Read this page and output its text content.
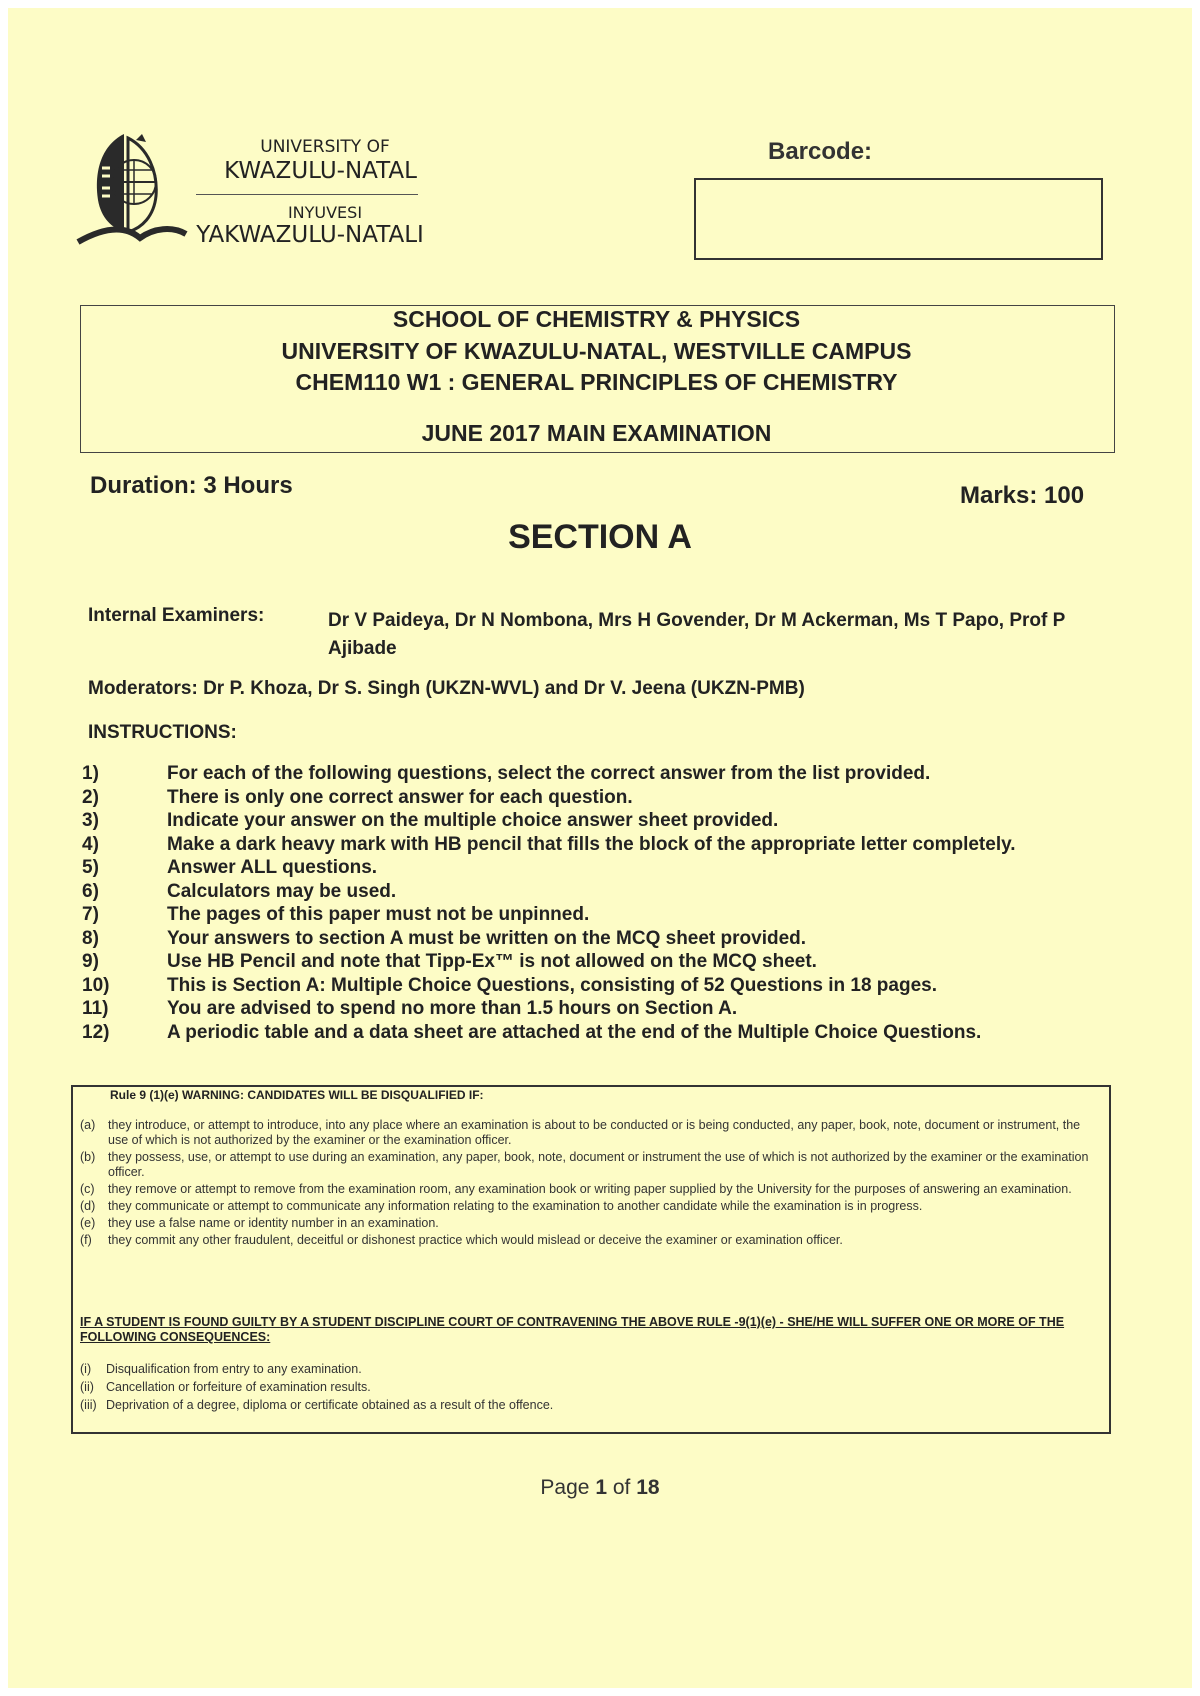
UNIVERSITY OF
KWAZULU-NATAL
INYUVESI
YAKWAZULU-NATALI
Barcode:
SCHOOL OF CHEMISTRY & PHYSICS
UNIVERSITY OF KWAZULU-NATAL, WESTVILLE CAMPUS
CHEM110 W1 : GENERAL PRINCIPLES OF CHEMISTRY
JUNE 2017 MAIN EXAMINATION
Duration: 3 Hours	Marks: 100
SECTION A
Internal Examiners:	Dr V Paideya, Dr N Nombona, Mrs H Govender, Dr M Ackerman, Ms T Papo, Prof P Ajibade
Moderators: Dr P. Khoza, Dr S. Singh (UKZN-WVL) and Dr V. Jeena (UKZN-PMB)
INSTRUCTIONS:
1)	For each of the following questions, select the correct answer from the list provided.
2)	There is only one correct answer for each question.
3)	Indicate your answer on the multiple choice answer sheet provided.
4)	Make a dark heavy mark with HB pencil that fills the block of the appropriate letter completely.
5)	Answer ALL questions.
6)	Calculators may be used.
7)	The pages of this paper must not be unpinned.
8)	Your answers to section A must be written on the MCQ sheet provided.
9)	Use HB Pencil and note that Tipp-Ex™ is not allowed on the MCQ sheet.
10)	This is Section A: Multiple Choice Questions, consisting of 52 Questions in 18 pages.
11)	You are advised to spend no more than 1.5 hours on Section A.
12)	A periodic table and a data sheet are attached at the end of the Multiple Choice Questions.
Rule 9 (1)(e) WARNING: CANDIDATES WILL BE DISQUALIFIED IF:
(a)	they introduce, or attempt to introduce, into any place where an examination is about to be conducted or is being conducted, any paper, book, note, document or instrument, the use of which is not authorized by the examiner or the examination officer.
(b)	they possess, use, or attempt to use during an examination, any paper, book, note, document or instrument the use of which is not authorized by the examiner or the examination officer.
(c)	they remove or attempt to remove from the examination room, any examination book or writing paper supplied by the University for the purposes of answering an examination.
(d)	they communicate or attempt to communicate any information relating to the examination to another candidate while the examination is in progress.
(e)	they use a false name or identity number in an examination.
(f)	they commit any other fraudulent, deceitful or dishonest practice which would mislead or deceive the examiner or examination officer.
IF A STUDENT IS FOUND GUILTY BY A STUDENT DISCIPLINE COURT OF CONTRAVENING THE ABOVE RULE -9(1)(e) - SHE/HE WILL SUFFER ONE OR MORE OF THE FOLLOWING CONSEQUENCES:
(i)	Disqualification from entry to any examination.
(ii) Cancellation or forfeiture of examination results.
(iii) Deprivation of a degree, diploma or certificate obtained as a result of the offence.
Page 1 of 18
